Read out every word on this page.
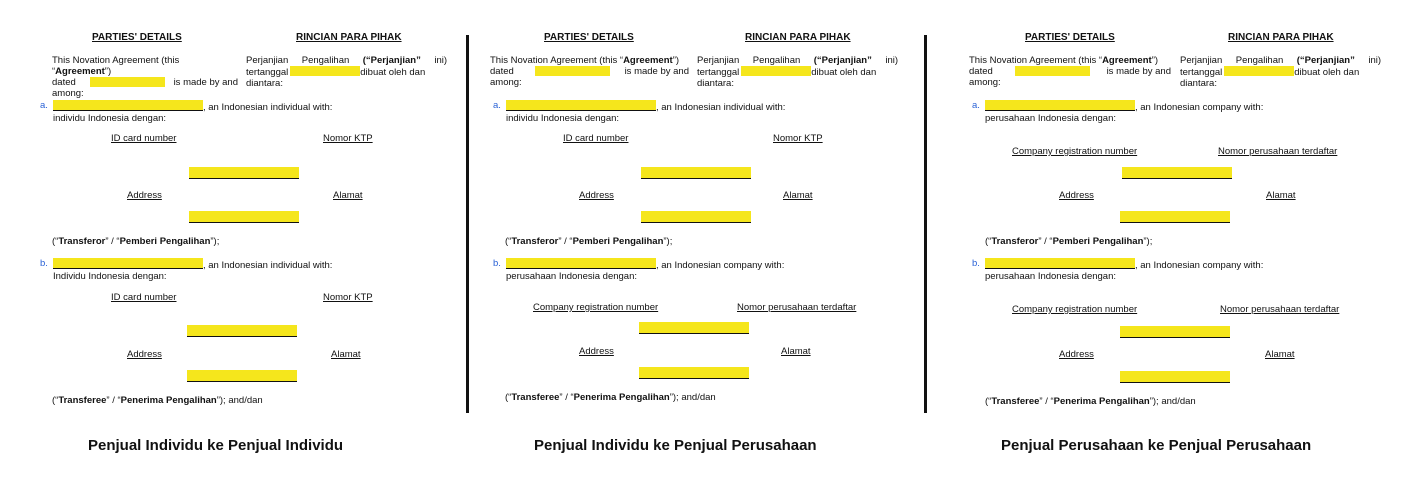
PARTIES' DETAILS	RINCIAN PARA PIHAK
This Novation Agreement (this “Agreement”)
dated	is made by and
among:
Perjanjian Pengalihan (“Perjanjian” ini)
tertanggal	dibuat oleh dan
diantara:
a.	, an Indonesian individual with:
individu Indonesia dengan:
ID card number	Nomor KTP
Address	Alamat
(“Transferor” / “Pemberi Pengalihan”);
b.	, an Indonesian individual with:
Individu Indonesia dengan:
ID card number	Nomor KTP
Address	Alamat
(“Transferee” / “Penerima Pengalihan”); and/dan
Penjual Individu ke Penjual Individu
PARTIES' DETAILS	RINCIAN PARA PIHAK
This Novation Agreement (this “Agreement”)
dated	is made by and
among:
Perjanjian Pengalihan (“Perjanjian” ini)
tertanggal	dibuat oleh dan
diantara:
a.	, an Indonesian individual with:
individu Indonesia dengan:
ID card number	Nomor KTP
Address	Alamat
(“Transferor” / “Pemberi Pengalihan”);
b.	, an Indonesian company with:
perusahaan Indonesia dengan:
Company registration number	Nomor perusahaan terdaftar
Address	Alamat
(“Transferee” / “Penerima Pengalihan”); and/dan
Penjual Individu ke Penjual Perusahaan
PARTIES' DETAILS	RINCIAN PARA PIHAK
This Novation Agreement (this “Agreement”)
dated	is made by and
among:
Perjanjian Pengalihan (“Perjanjian” ini)
tertanggal	dibuat oleh dan
diantara:
a.	, an Indonesian company with:
perusahaan Indonesia dengan:
Company registration number	Nomor perusahaan terdaftar
Address	Alamat
(“Transferor” / “Pemberi Pengalihan”);
b.	, an Indonesian company with:
perusahaan Indonesia dengan:
Company registration number	Nomor perusahaan terdaftar
Address	Alamat
(“Transferee” / “Penerima Pengalihan”); and/dan
Penjual Perusahaan ke Penjual Perusahaan
